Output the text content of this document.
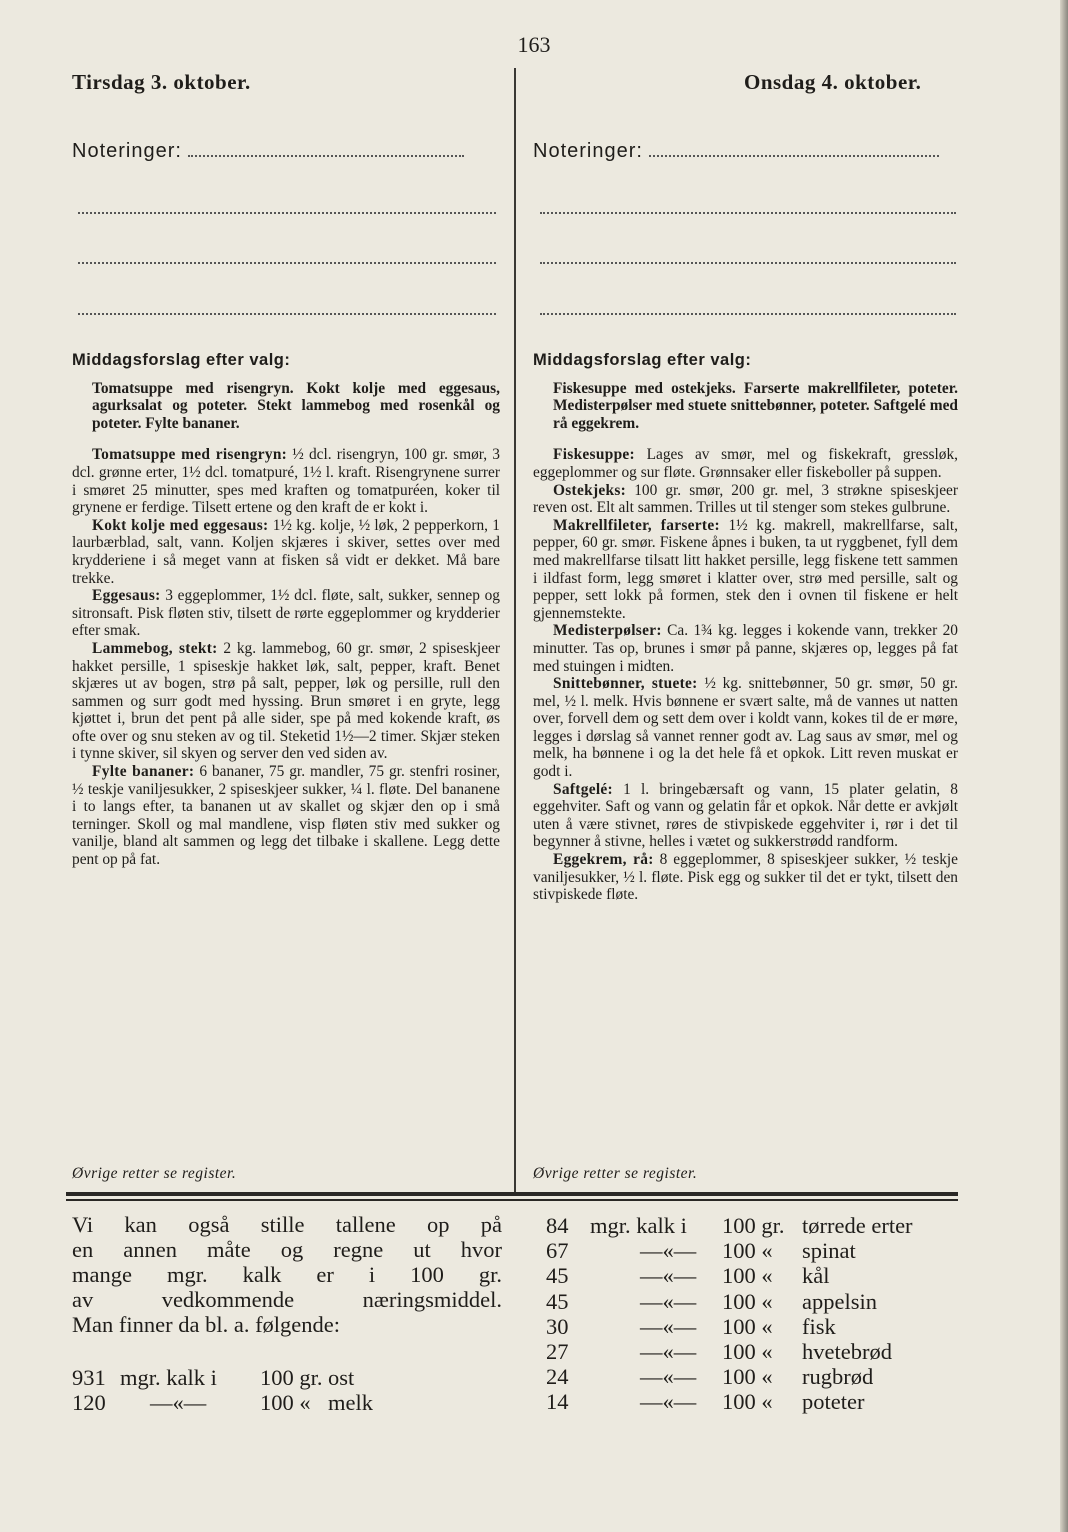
163
Tirsdag 3. oktober.	Onsdag 4. oktober.
Noteringer:	Noteringer:
Middagsforslag efter valg:

Tomatsuppe med risengryn. Kokt kolje med eggesaus, agurksalat og poteter. Stekt lammebog med rosenkål og poteter. Fylte bananer.

Tomatsuppe med risengryn: ½ dcl. risengryn, 100 gr. smør, 3 dcl. grønne erter, 1½ dcl. tomatpuré, 1½ l. kraft. Risengrynene surrer i smøret 25 minutter, spes med kraften og tomatpuréen, koker til grynene er ferdige. Tilsett ertene og den kraft de er kokt i.

Kokt kolje med eggesaus: 1½ kg. kolje, ½ løk, 2 pepperkorn, 1 laurbærblad, salt, vann. Koljen skjæres i skiver, settes over med krydderiene i så meget vann at fisken så vidt er dekket. Må bare trekke.

Eggesaus: 3 eggeplommer, 1½ dcl. fløte, salt, sukker, sennep og sitronsaft. Pisk fløten stiv, tilsett de rørte eggeplommer og krydderier efter smak.

Lammebog, stekt: 2 kg. lammebog, 60 gr. smør, 2 spiseskjeer hakket persille, 1 spiseskje hakket løk, salt, pepper, kraft. Benet skjæres ut av bogen, strø på salt, pepper, løk og persille, rull den sammen og surr godt med hyssing. Brun smøret i en gryte, legg kjøttet i, brun det pent på alle sider, spe på med kokende kraft, øs ofte over og snu steken av og til. Steketid 1½—2 timer. Skjær steken i tynne skiver, sil skyen og server den ved siden av.

Fylte bananer: 6 bananer, 75 gr. mandler, 75 gr. stenfri rosiner, ½ teskje vaniljesukker, 2 spiseskjeer sukker, ¼ l. fløte. Del bananene i to langs efter, ta bananen ut av skallet og skjær den op i små terninger. Skoll og mal mandlene, visp fløten stiv med sukker og vanilje, bland alt sammen og legg det tilbake i skallene. Legg dette pent op på fat.

Øvrige retter se register.
Middagsforslag efter valg:

Fiskesuppe med ostekjeks. Farserte makrellfileter, poteter. Medisterpølser med stuete snittebønner, poteter. Saftgelé med rå eggekrem.

Fiskesuppe: Lages av smør, mel og fiskekraft, gressløk, eggeplommer og sur fløte. Grønnsaker eller fiskeboller på suppen.

Ostekjeks: 100 gr. smør, 200 gr. mel, 3 strøkne spiseskjeer reven ost. Elt alt sammen. Trilles ut til stenger som stekes gulbrune.

Makrellfileter, farserte: 1½ kg. makrell, makrellfarse, salt, pepper, 60 gr. smør. Fiskene åpnes i buken, ta ut ryggbenet, fyll dem med makrellfarse tilsatt litt hakket persille, legg fiskene tett sammen i ildfast form, legg smøret i klatter over, strø med persille, salt og pepper, sett lokk på formen, stek den i ovnen til fiskene er helt gjennemstekte.

Medisterpølser: Ca. 1¾ kg. legges i kokende vann, trekker 20 minutter. Tas op, brunes i smør på panne, skjæres op, legges på fat med stuingen i midten.

Snittebønner, stuete: ½ kg. snittebønner, 50 gr. smør, 50 gr. mel, ½ l. melk. Hvis bønnene er svært salte, må de vannes ut natten over, forvell dem og sett dem over i koldt vann, kokes til de er møre, legges i dørslag så vannet renner godt av. Lag saus av smør, mel og melk, ha bønnene i og la det hele få et opkok. Litt reven muskat er godt i.

Saftgelé: 1 l. bringebærsaft og vann, 15 plater gelatin, 8 eggehviter. Saft og vann og gelatin får et opkok. Når dette er avkjølt uten å være stivnet, røres de stivpiskede eggehviter i, rør i det til begynner å stivne, helles i vætet og sukkerstrødd randform.

Eggekrem, rå: 8 eggeplommer, 8 spiseskjeer sukker, ½ teskje vaniljesukker, ½ l. fløte. Pisk egg og sukker til det er tykt, tilsett den stivpiskede fløte.

Øvrige retter se register.
Vi kan også stille tallene op på
en annen måte og regne ut hvor
mange mgr. kalk er i 100 gr.
av vedkommende næringsmiddel.
Man finner da bl. a. følgende:
931 mgr. kalk i 100 gr. ost
120 —«— 100 « melk
84 mgr. kalk i 100 gr. tørrede erter
67	—«— 100 « spinat
45	—«— 100 « kål
45	—«— 100 « appelsin
30	—«— 100 « fisk
27	—«— 100 « hvetebrød
24	—«— 100 « rugbrød
14	—«— 100 « poteter
